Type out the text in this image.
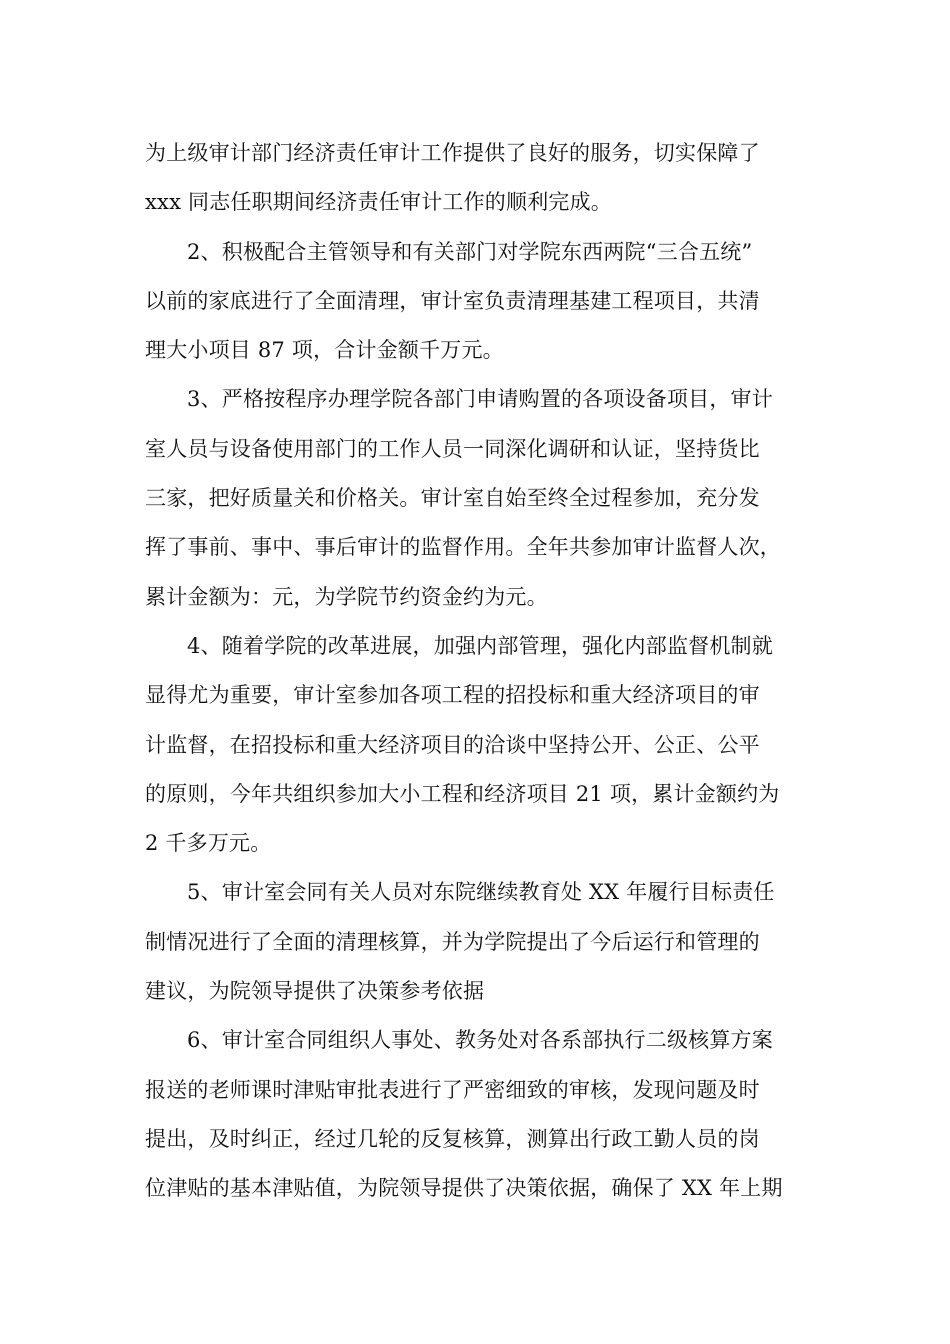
为上级审计部门经济责任审计工作提供了良好的服务，切实保障了
xxx 同志任职期间经济责任审计工作的顺利完成。

2、积极配合主管领导和有关部门对学院东西两院“三合五统”
以前的家底进行了全面清理，审计室负责清理基建工程项目，共清
理大小项目 87 项，合计金额千万元。

3、严格按程序办理学院各部门申请购置的各项设备项目，审计
室人员与设备使用部门的工作人员一同深化调研和认证，坚持货比
三家，把好质量关和价格关。审计室自始至终全过程参加，充分发
挥了事前、事中、事后审计的监督作用。全年共参加审计监督人次，
累计金额为：元，为学院节约资金约为元。

4、随着学院的改革进展，加强内部管理，强化内部监督机制就
显得尤为重要，审计室参加各项工程的招投标和重大经济项目的审
计监督，在招投标和重大经济项目的洽谈中坚持公开、公正、公平
的原则，今年共组织参加大小工程和经济项目 21 项，累计金额约为
2 千多万元。

5、审计室会同有关人员对东院继续教育处 XX 年履行目标责任
制情况进行了全面的清理核算，并为学院提出了今后运行和管理的
建议，为院领导提供了决策参考依据

6、审计室合同组织人事处、教务处对各系部执行二级核算方案
报送的老师课时津贴审批表进行了严密细致的审核，发现问题及时
提出，及时纠正，经过几轮的反复核算，测算出行政工勤人员的岗
位津贴的基本津贴值，为院领导提供了决策依据，确保了 XX 年上期
